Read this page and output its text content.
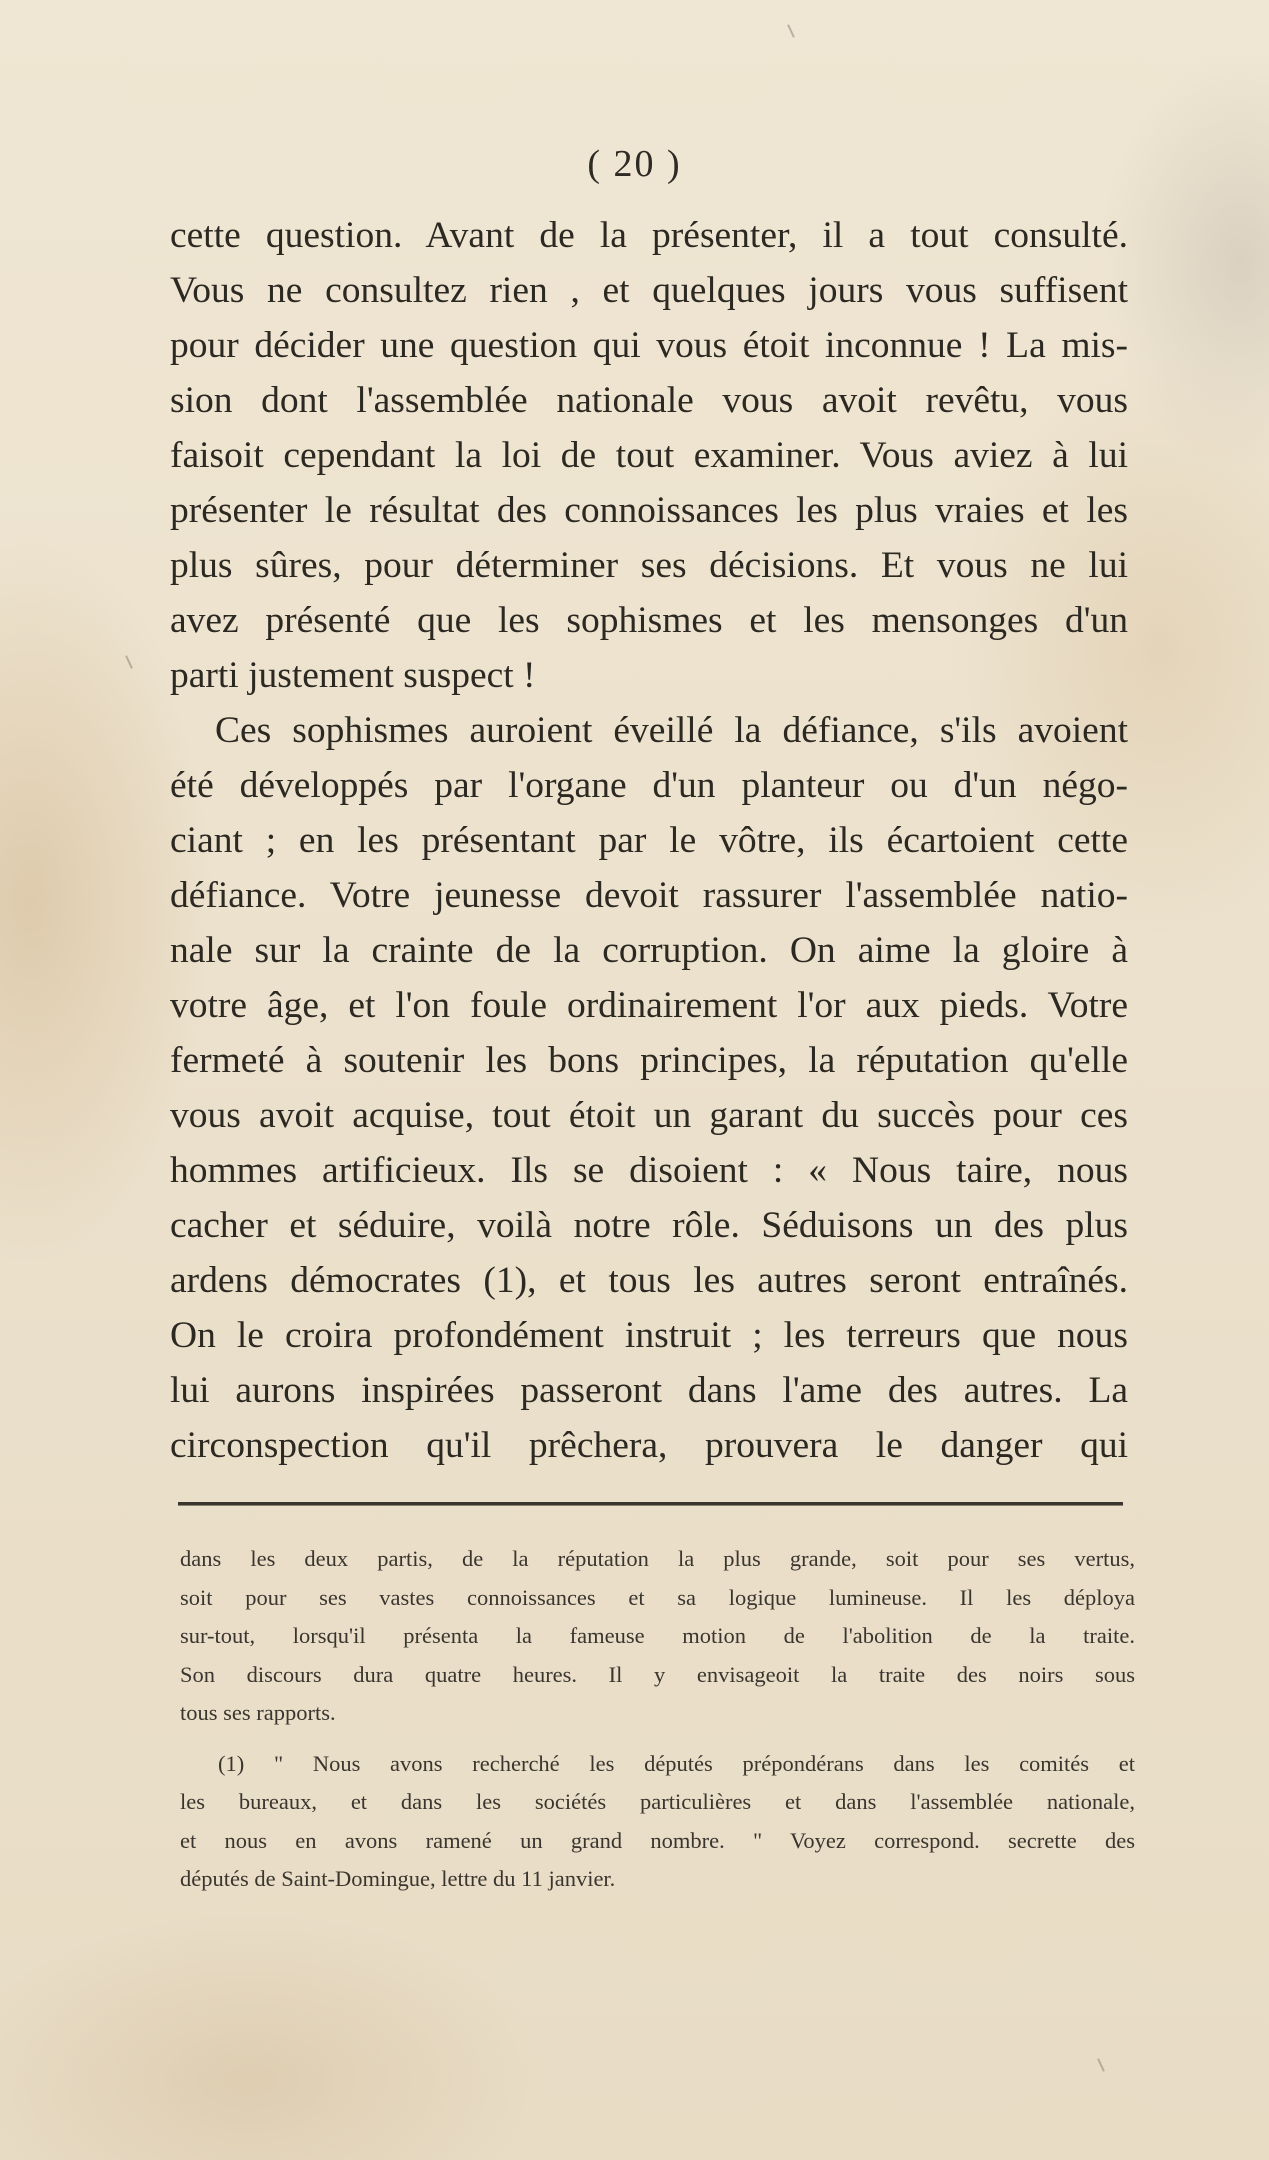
( 20 )
cette question. Avant de la présenter, il a tout consulté.
Vous ne consultez rien , et quelques jours vous suffisent
pour décider une question qui vous étoit inconnue ! La mis-
sion dont l'assemblée nationale vous avoit revêtu, vous
faisoit cependant la loi de tout examiner. Vous aviez à lui
présenter le résultat des connoissances les plus vraies et les
plus sûres, pour déterminer ses décisions. Et vous ne lui
avez présenté que les sophismes et les mensonges d'un
parti justement suspect !
Ces sophismes auroient éveillé la défiance, s'ils avoient
été développés par l'organe d'un planteur ou d'un négo-
ciant ; en les présentant par le vôtre, ils écartoient cette
défiance. Votre jeunesse devoit rassurer l'assemblée natio-
nale sur la crainte de la corruption. On aime la gloire à
votre âge, et l'on foule ordinairement l'or aux pieds. Votre
fermeté à soutenir les bons principes, la réputation qu'elle
vous avoit acquise, tout étoit un garant du succès pour ces
hommes artificieux. Ils se disoient : « Nous taire, nous
cacher et séduire, voilà notre rôle. Séduisons un des plus
ardens démocrates (1), et tous les autres seront entraînés.
On le croira profondément instruit ; les terreurs que nous
lui aurons inspirées passeront dans l'ame des autres. La
circonspection qu'il prêchera, prouvera le danger qui
dans les deux partis, de la réputation la plus grande, soit pour ses vertus,
soit pour ses vastes connoissances et sa logique lumineuse. Il les déploya
sur-tout, lorsqu'il présenta la fameuse motion de l'abolition de la traite.
Son discours dura quatre heures. Il y envisageoit la traite des noirs sous
tous ses rapports.
(1) " Nous avons recherché les députés prépondérans dans les comités et
les bureaux, et dans les sociétés particulières et dans l'assemblée nationale,
et nous en avons ramené un grand nombre. " Voyez correspond. secrette des
députés de Saint-Domingue, lettre du 11 janvier.
